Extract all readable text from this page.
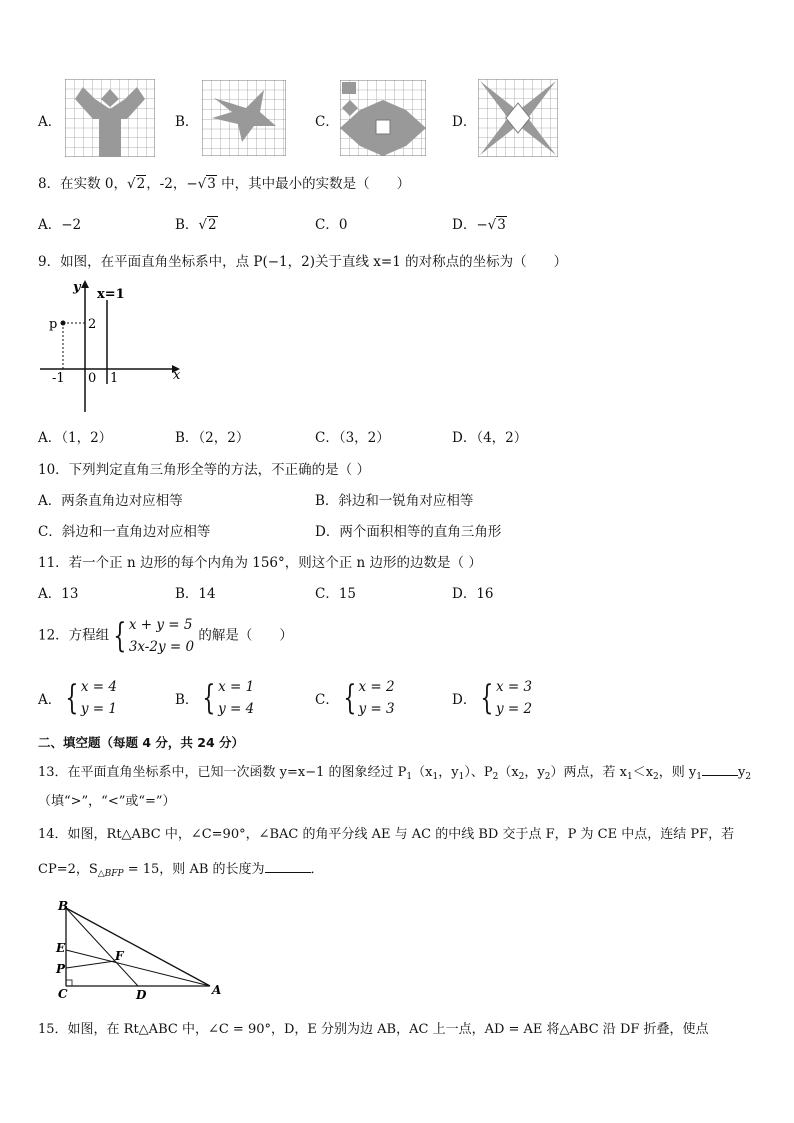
A．	B．	C．	D．
8．在实数 0，√2，-2，−√3 中，其中最小的实数是（　　）
A．−2	B．√2	C．0	D．−√3
9．如图，在平面直角坐标系中，点 P(−1，2)关于直线 x=1 的对称点的坐标为（　　）
y
x
x=1
p 2
-1 0 1
A．（1，2）	B．（2，2）	C．（3，2）	D．（4，2）
10．下列判定直角三角形全等的方法，不正确的是（ ）
A．两条直角边对应相等	B．斜边和一锐角对应相等
C．斜边和一直角边对应相等	D．两个面积相等的直角三角形
11．若一个正 n 边形的每个内角为 156°，则这个正 n 边形的边数是（ ）
A．13	B．14	C．15	D．16
12．方程组 { x + y = 5
3x-2y = 0
的解是（　　）
A． { x = 4
y = 1
B． { x = 1
y = 4
C． { x = 2
y = 3
D． { x = 3
y = 2
二、填空题（每题 4 分，共 24 分）
13．在平面直角坐标系中，已知一次函数 y=x−1 的图象经过 $P_1(x_1$，$y_1$）、$P_2(x_2$，$y_2$）两点，若 $x_1<x_2$，则 $y_1$	$y_2$
（填“>”，“<”或“=”）
14．如图，Rt△ABC 中，∠C=90°，∠BAC 的角平分线 AE 与 AC 的中线 BD 交于点 F，P 为 CE 中点，连结 PF，若
CP=2，$S_{\triangle BFP} = 15$，则 AB 的长度为	．
B
E
P
C
F
D	A
15．如图，在 Rt△ABC 中，∠C = 90°，D，E 分别为边 AB，AC 上一点，AD = AE 将△ABC 沿 DF 折叠，使点
